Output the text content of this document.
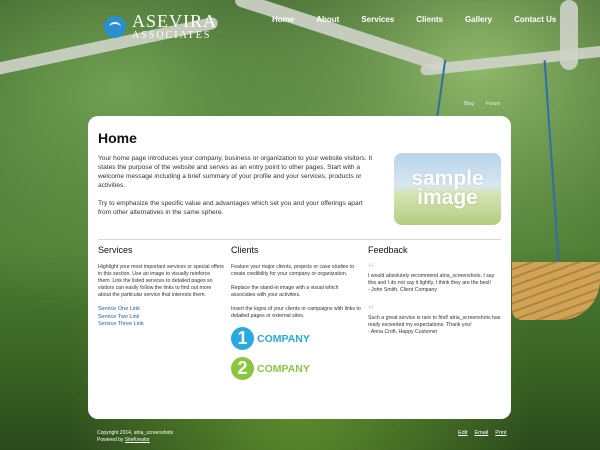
ASEVIRA
ASSOCIATES
Home	About	Services	Clients	Gallery	Contact Us
Blog Forum
Home

Your home page introduces your company, business or organization to your website visitors. It states the purpose of the website and serves as an entry point to other pages. Start with a welcome message including a brief summary of your profile and your services, products or activities.

Try to emphasize the specific value and advantages which set you and your offerings apart from other alternatives in the same sphere.

sample image
Services

Highlight your most important services or special offers in this section. Use an image to visually reinforce them. Link the listed services to detailed pages so visitors can easily follow the links to find out more about the particular service that interests them.

Service One Link
Service Two Link
Service Three Link
Clients

Feature your major clients, projects or case studies to create credibility for your company or organization.

Replace the stand-in image with a visual which associates with your activities.

Insert the logos of your clients or campaigns with links to detailed pages or external sites.

1 COMPANY
2 COMPANY
Feedback
“
I would absolutely recommend atria_screenshots. I say this and I do not say it lightly, I think they are the best!
- John Smith, Client Company
“
Such a great service is rare to find! atria_screenshots has really exceeded my expectations. Thank you!
- Anna Croft, Happy Customer
Copyright 2014, atria_screenshots
Powered by SiteKreator
Edit Email Print
